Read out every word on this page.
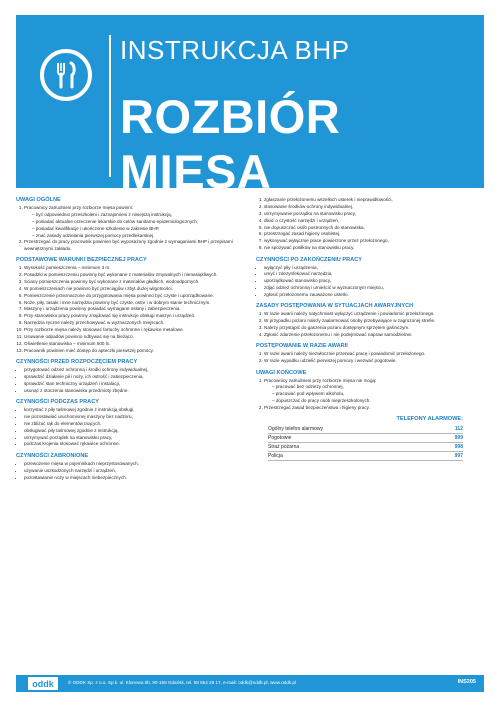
INSTRUKCJA BHP
ROZBIÓR MIĘSA
UWAGI OGÓLNE
1. Pracownicy zatrudnieni przy rozbiorze mięsa powinni:
– być odpowiednio przeszkoleni i zaznajomieni z niniejszą instrukcją,
– posiadać aktualne orzeczenie lekarskie do celów sanitarno-epidemiologicznych,
– posiadać kwalifikacje i ukończone szkolenie w zakresie BHP,
– znać zasady udzielania pierwszej pomocy przedlekarskiej.
2. Przestrzegać do pracy pracownik powinien być wyposażony zgodnie z wymaganiami BHP i przepisami wewnętrznymi zakładu.
PODSTAWOWE WARUNKI BEZPIECZNEJ PRACY
1. Wysokość pomieszczenia – minimum 3 m.
2. Posadzki w pomieszczeniu powinny być wykonane z materiałów zmywalnych i nienasiąkliwych.
3. Ściany pomieszczenia powinny być wykonane z materiałów gładkich, wodoodpornych.
4. W pomieszczeniach nie powinno być przeciągów i zbyt dużej wilgotności.
5. Pomieszczenie przeznaczone do przygotowania mięsa powinno być czyste i uporządkowane.
6. Noże, piły, tasaki i inne narzędzia powinny być czyste, ostre i w dobrym stanie technicznym.
7. Maszyny i urządzenia powinny posiadać wymagane osłony i zabezpieczenia.
8. Przy stanowisku pracy powinny znajdować się instrukcje obsługi maszyn i urządzeń.
9. Narzędzia ręczne należy przechowywać w wyznaczonych miejscach.
10. Przy rozbiorze mięsa należy stosować fartuchy ochronne i rękawice metalowe.
11. Usuwanie odpadów powinno odbywać się na bieżąco.
12. Oświetlenie stanowiska – minimum 500 lx.
13. Pracownik powinien mieć dostęp do apteczki pierwszej pomocy.
CZYNNOŚCI PRZED ROZPOCZĘCIEM PRACY
• przygotować odzież ochronną i środki ochrony indywidualnej,
• sprawdzić działanie pił i noży, ich ostrość i zabezpieczenia,
• sprawdzić stan techniczny urządzeń i instalacji,
• usunąć z otoczenia stanowiska przedmioty zbędne.
CZYNNOŚCI PODCZAS PRACY
• korzystać z piły taśmowej zgodnie z instrukcją obsługi,
• nie pozostawiać uruchomionej maszyny bez nadzoru,
• nie zbliżać rąk do elementów tnących,
• obsługiwać piły taśmowej zgodnie z instrukcją,
• utrzymywać porządek na stanowisku pracy,
• podczas krojenia stosować rękawice ochronne.
CZYNNOŚCI ZABRONIONE
• przewożenie mięsa w pojemnikach nieprzystosowanych,
• używanie uszkodzonych narzędzi i urządzeń,
• pozostawianie noży w miejscach niebezpiecznych.
1. zgłaszanie przełożonemu wszelkich usterek i nieprawidłowości,
2. stosowanie środków ochrony indywidualnej,
3. utrzymywanie porządku na stanowisku pracy,
4. dbać o czystość narzędzi i urządzeń,
5. nie dopuszczać osób postronnych do stanowiska,
6. przestrzegać zasad higieny osobistej,
7. wykonywać wyłącznie prace powierzone przez przełożonego,
8. nie spożywać posiłków na stanowisku pracy.
CZYNNOŚCI PO ZAKOŃCZENIU PRACY
• wyłączyć piły i urządzenia,
• umyć i zdezynfekować narzędzia,
• uporządkować stanowisko pracy,
• zdjąć odzież ochronną i umieścić w wyznaczonym miejscu,
• zgłosić przełożonemu zauważone usterki.
ZASADY POSTĘPOWANIA W SYTUACJACH AWARYJNYCH
1. W razie awarii należy natychmiast wyłączyć urządzenie i powiadomić przełożonego.
2. W przypadku pożaru należy zaalarmować osoby przebywające w zagrożonej strefie.
3. Należy przystąpić do gaszenia pożaru dostępnym sprzętem gaśniczym.
4. Zgłosić zdarzenie przełożonemu i nie podejmować napraw samodzielnie.
POSTĘPOWANIE W RAZIE AWARII
1. W razie awarii należy niezwłocznie przerwać pracę i powiadomić przełożonego.
2. W razie wypadku udzielić pierwszej pomocy i wezwać pogotowie.
UWAGI KOŃCOWE
1. Pracownicy zatrudnieni przy rozbiorze mięsa nie mogą:
– pracować bez odzieży ochronnej,
– pracować pod wpływem alkoholu,
– dopuszczać do pracy osób nieprzeszkolonych.
2. Przestrzegać zasad bezpieczeństwa i higieny pracy.
TELEFONY ALARMOWE:
Ogólny telefon alarmowy	112
Pogotowie	999
Straż pożarna	998
Policja	997
oddk	© ODDK Sp. z o.o. Sp.k. ul. Klonowa 9b, 80-158 Gdańsk, tel. 58 554 29 17, e-mail: oddk@oddk.pl, www.oddk.pl	INS205
